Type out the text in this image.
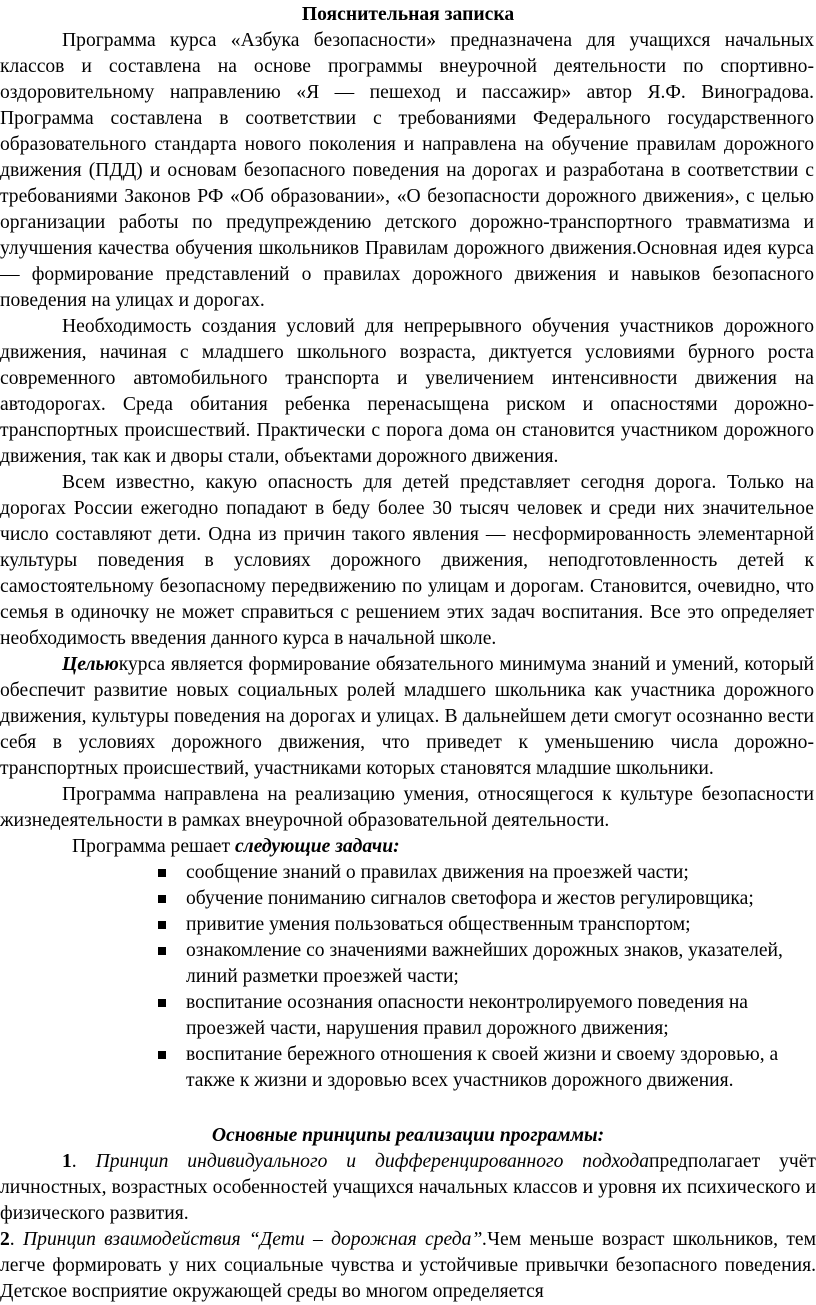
Пояснительная записка

Программа курса «Азбука безопасности» предназначена для учащихся начальных классов и составлена на основе программы внеурочной деятельности по спортивно-оздоровительному направлению «Я — пешеход и пассажир» автор Я.Ф. Виноградова. Программа составлена в соответствии с требованиями Федерального государственного образовательного стандарта нового поколения и направлена на обучение правилам дорожного движения (ПДД) и основам безопасного поведения на дорогах и разработана в соответствии с требованиями Законов РФ «Об образовании», «О безопасности дорожного движения», с целью организации работы по предупреждению детского дорожно-транспортного травматизма и улучшения качества обучения школьников Правилам дорожного движения.Основная идея курса — формирование представлений о правилах дорожного движения и навыков безопасного поведения на улицах и дорогах.

Необходимость создания условий для непрерывного обучения участников дорожного движения, начиная с младшего школьного возраста, диктуется условиями бурного роста современного автомобильного транспорта и увеличением интенсивности движения на автодорогах. Среда обитания ребенка перенасыщена риском и опасностями дорожно-транспортных происшествий. Практически с порога дома он становится участником дорожного движения, так как и дворы стали, объектами дорожного движения.

Всем известно, какую опасность для детей представляет сегодня дорога. Только на дорогах России ежегодно попадают в беду более 30 тысяч человек и среди них значительное число составляют дети. Одна из причин такого явления — несформированность элементарной культуры поведения в условиях дорожного движения, неподготовленность детей к самостоятельному безопасному передвижению по улицам и дорогам. Становится, очевидно, что семья в одиночку не может справиться с решением этих задач воспитания. Все это определяет необходимость введения данного курса в начальной школе.

Цельюкурса является формирование обязательного минимума знаний и умений, который обеспечит развитие новых социальных ролей младшего школьника как участника дорожного движения, культуры поведения на дорогах и улицах. В дальнейшем дети смогут осознанно вести себя в условиях дорожного движения, что приведет к уменьшению числа дорожно-транспортных происшествий, участниками которых становятся младшие школьники.

Программа направлена на реализацию умения, относящегося к культуре безопасности жизнедеятельности в рамках внеурочной образовательной деятельности.

Программа решает следующие задачи:

сообщение знаний о правилах движения на проезжей части;
обучение пониманию сигналов светофора и жестов регулировщика;
привитие умения пользоваться общественным транспортом;
ознакомление со значениями важнейших дорожных знаков, указателей, линий разметки проезжей части;
воспитание осознания опасности неконтролируемого поведения на проезжей части, нарушения правил дорожного движения;
воспитание бережного отношения к своей жизни и своему здоровью, а также к жизни и здоровью всех участников дорожного движения.

Основные принципы реализации программы:

1. Принцип индивидуального и дифференцированного подходапредполагает учёт личностных, возрастных особенностей учащихся начальных классов и уровня их психического и физического развития.

2. Принцип взаимодействия “Дети – дорожная среда”.Чем меньше возраст школьников, тем легче формировать у них социальные чувства и устойчивые привычки безопасного поведения. Детское восприятие окружающей среды во многом определяется
